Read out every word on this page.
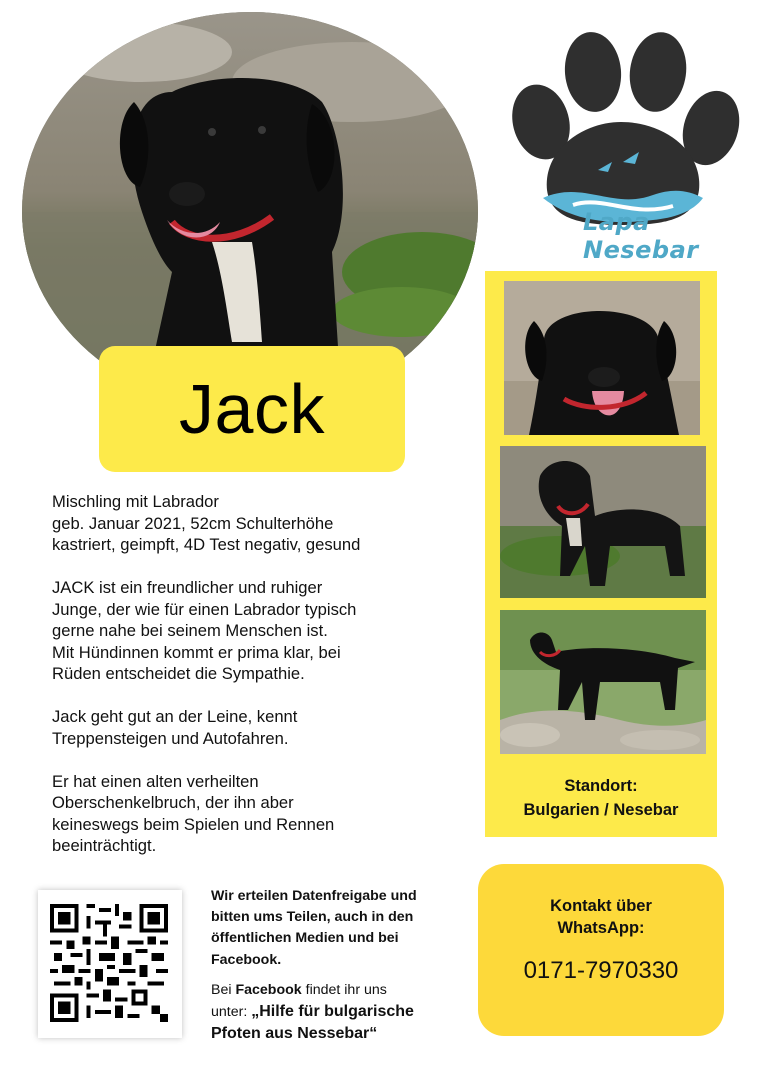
Jack
Lapa Nesebar
Standort:
Bulgarien / Nesebar

Mischling mit Labrador
geb. Januar 2021, 52cm Schulterhöhe
kastriert, geimpft, 4D Test negativ, gesund

JACK ist ein freundlicher und ruhiger
Junge, der wie für einen Labrador typisch
gerne nahe bei seinem Menschen ist.
Mit Hündinnen kommt er prima klar, bei
Rüden entscheidet die Sympathie.

Jack geht gut an der Leine, kennt
Treppensteigen und Autofahren.

Er hat einen alten verheilten
Oberschenkelbruch, der ihn aber
keineswegs beim Spielen und Rennen
beeinträchtigt.

Wir erteilen Datenfreigabe und
bitten ums Teilen, auch in den
öffentlichen Medien und bei
Facebook.
Bei Facebook findet ihr uns
unter: „Hilfe für bulgarische
Pfoten aus Nessebar“
Kontakt über
WhatsApp:
0171-7970330
